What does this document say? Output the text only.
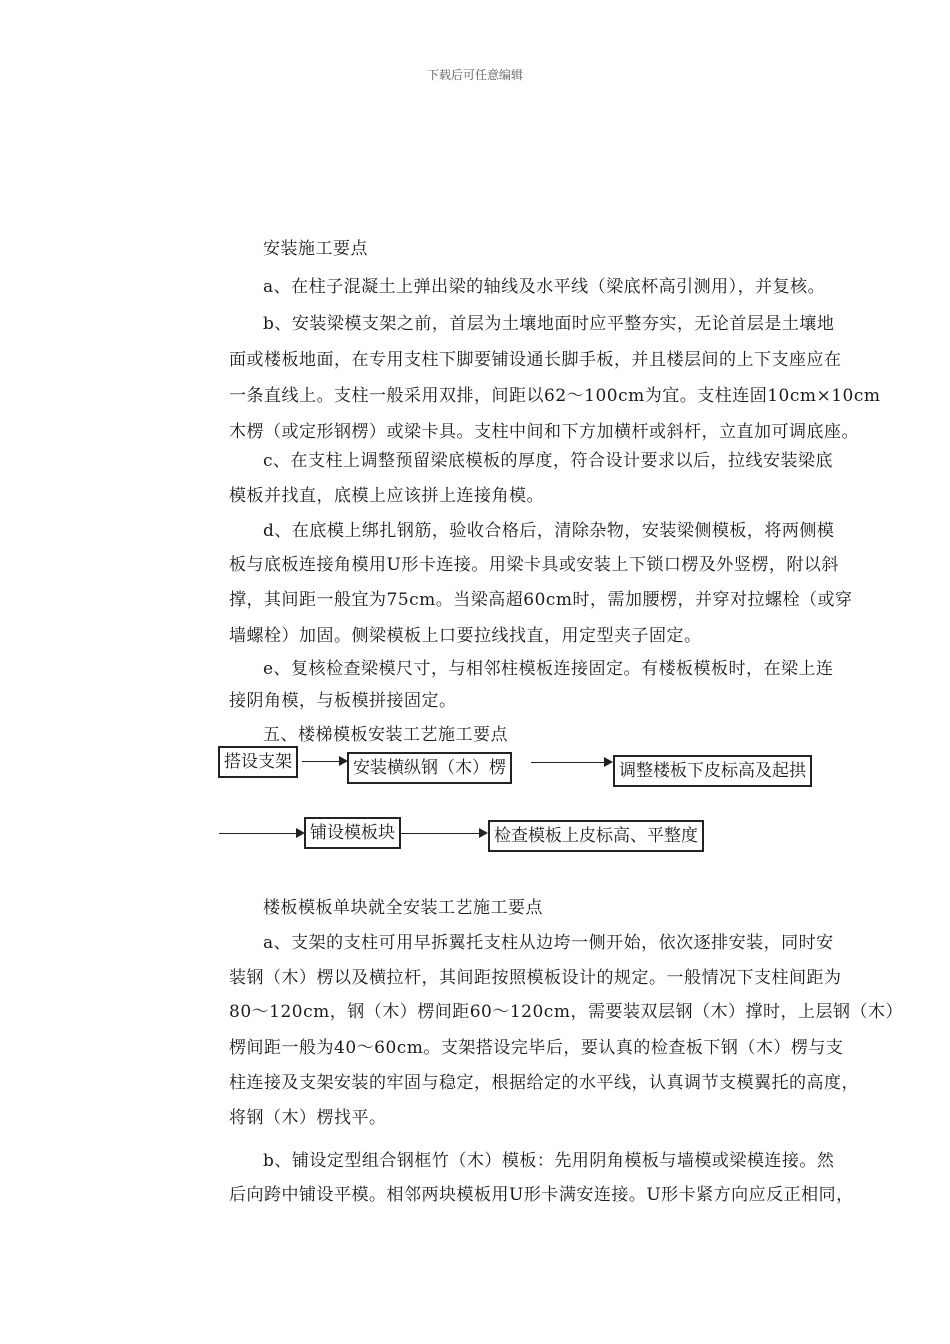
下载后可任意编辑
安装施工要点
a、在柱子混凝土上弹出梁的轴线及水平线（梁底杯高引测用），并复核。
b、安装梁模支架之前，首层为土壤地面时应平整夯实，无论首层是土壤地
面或楼板地面，在专用支柱下脚要铺设通长脚手板，并且楼层间的上下支座应在
一条直线上。支柱一般采用双排，间距以62～100cm为宜。支柱连固10cm×10cm
木楞（或定形钢楞）或梁卡具。支柱中间和下方加横杆或斜杆，立直加可调底座。
c、在支柱上调整预留梁底模板的厚度，符合设计要求以后，拉线安装梁底
模板并找直，底模上应该拼上连接角模。
d、在底模上绑扎钢筋，验收合格后，清除杂物，安装梁侧模板，将两侧模
板与底板连接角模用U形卡连接。用梁卡具或安装上下锁口楞及外竖楞，附以斜
撑，其间距一般宜为75cm。当梁高超60cm时，需加腰楞，并穿对拉螺栓（或穿
墙螺栓）加固。侧梁模板上口要拉线找直，用定型夹子固定。
e、复核检查梁模尺寸，与相邻柱模板连接固定。有楼板模板时，在梁上连
接阴角模，与板模拼接固定。
五、楼梯模板安装工艺施工要点
搭设支架	安装横纵钢（木）楞	调整楼板下皮标高及起拱
铺设模板块	检查模板上皮标高、平整度
楼板模板单块就全安装工艺施工要点
a、支架的支柱可用早拆翼托支柱从边垮一侧开始，依次逐排安装，同时安
装钢（木）楞以及横拉杆，其间距按照模板设计的规定。一般情况下支柱间距为
80～120cm，钢（木）楞间距60～120cm，需要装双层钢（木）撑时，上层钢（木）
楞间距一般为40～60cm。支架搭设完毕后，要认真的检查板下钢（木）楞与支
柱连接及支架安装的牢固与稳定，根据给定的水平线，认真调节支模翼托的高度，
将钢（木）楞找平。
b、铺设定型组合钢框竹（木）模板：先用阴角模板与墙模或梁模连接。然
后向跨中铺设平模。相邻两块模板用U形卡满安连接。U形卡紧方向应反正相同，
